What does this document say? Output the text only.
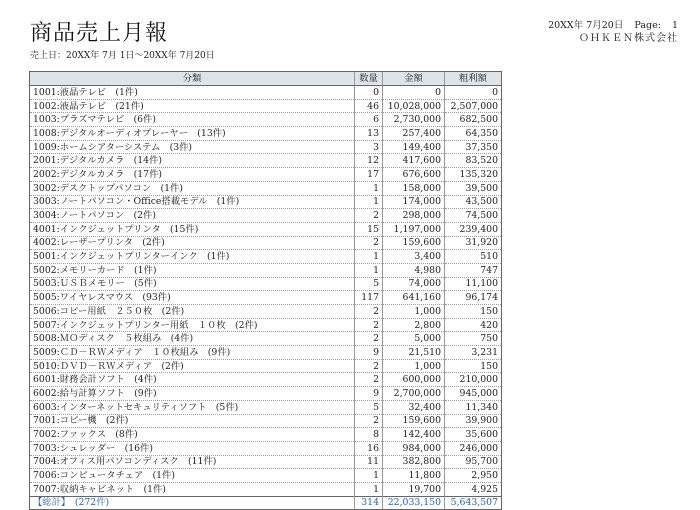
商品売上月報
売上日：20XX年 7月 1日～20XX年 7月20日
20XX年 7月20日 Page: 1
ＯＨＫＥＮ株式会社
分類	数量	金額	粗利額
1001:液晶テレビ　(1件)	0	0	0
1002:液晶テレビ　(21件)	46	10,028,000	2,507,000
1003:プラズマテレビ　(6件)	6	2,730,000	682,500
1008:デジタルオーディオプレーヤー　(13件)	13	257,400	64,350
1009:ホームシアターシステム　(3件)	3	149,400	37,350
2001:デジタルカメラ　(14件)	12	417,600	83,520
2002:デジタルカメラ　(17件)	17	676,600	135,320
3002:デスクトップパソコン　(1件)	1	158,000	39,500
3003:ノートパソコン・Office搭載モデル　(1件)	1	174,000	43,500
3004:ノートパソコン　(2件)	2	298,000	74,500
4001:インクジェットプリンタ　(15件)	15	1,197,000	239,400
4002:レーザープリンタ　(2件)	2	159,600	31,920
5001:インクジェットプリンターインク　(1件)	1	3,400	510
5002:メモリーカード　(1件)	1	4,980	747
5003:ＵＳＢメモリー　(5件)	5	74,000	11,100
5005:ワイヤレスマウス　(93件)	117	641,160	96,174
5006:コピー用紙　２５０枚　(2件)	2	1,000	150
5007:インクジェットプリンター用紙　１０枚　(2件)	2	2,800	420
5008:ＭＯディスク　５枚組み　(4件)	2	5,000	750
5009:ＣＤ－ＲＷメディア　１０枚組み　(9件)	9	21,510	3,231
5010:ＤＶＤ－ＲＷメディア　(2件)	2	1,000	150
6001:財務会計ソフト　(4件)	2	600,000	210,000
6002:給与計算ソフト　(9件)	9	2,700,000	945,000
6003:インターネットセキュリティソフト　(5件)	5	32,400	11,340
7001:コピー機　(2件)	2	159,600	39,900
7002:ファックス　(8件)	8	142,400	35,600
7003:シュレッダー　(16件)	16	984,000	246,000
7004:オフィス用パソコンディスク　(11件)	11	382,800	95,700
7006:コンピュータチェア　(1件)	1	11,800	2,950
7007:収納キャビネット　(1件)	1	19,700	4,925
【総計】　(272件)	314	22,033,150	5,643,507
